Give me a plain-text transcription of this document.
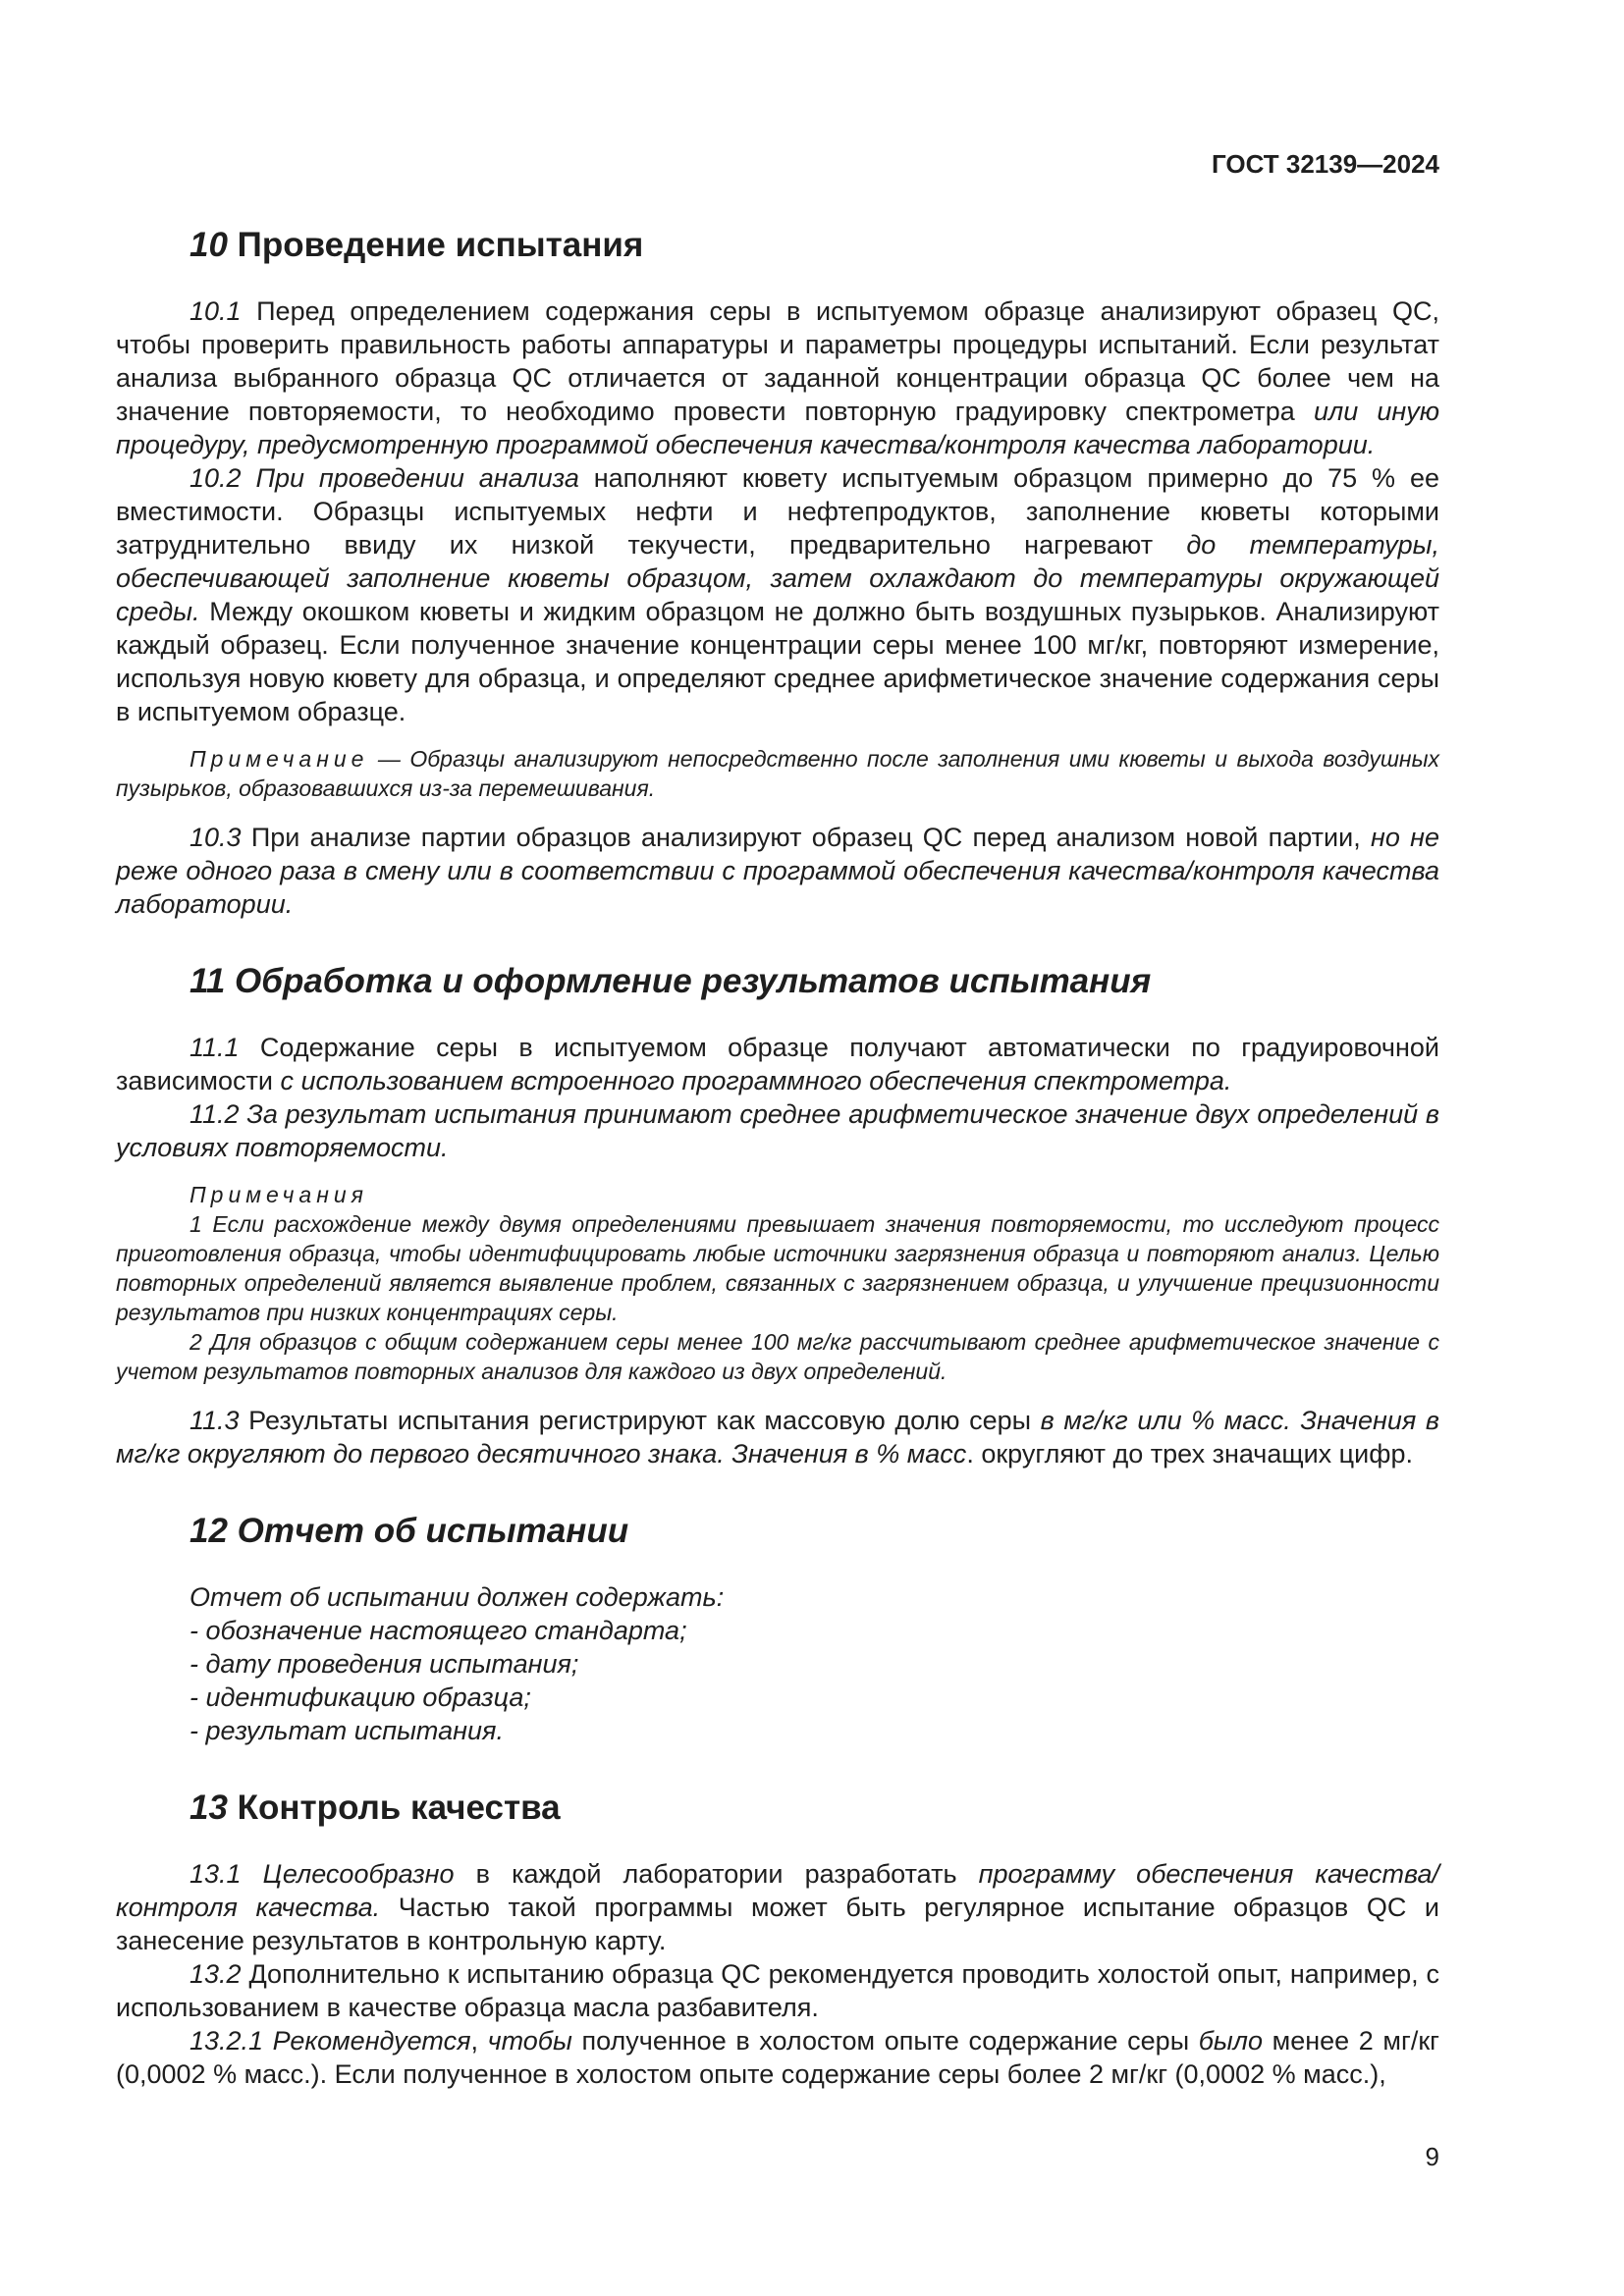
ГОСТ 32139—2024
10 Проведение испытания

10.1 Перед определением содержания серы в испытуемом образце анализируют образец QC, чтобы проверить правильность работы аппаратуры и параметры процедуры испытаний. Если результат анализа выбранного образца QC отличается от заданной концентрации образца QC более чем на значение повторяемости, то необходимо провести повторную градуировку спектрометра или иную процедуру, предусмотренную программой обеспечения качества/контроля качества лаборатории.

10.2 При проведении анализа наполняют кювету испытуемым образцом примерно до 75 % ее вместимости. Образцы испытуемых нефти и нефтепродуктов, заполнение кюветы которыми затруднительно ввиду их низкой текучести, предварительно нагревают до температуры, обеспечивающей заполнение кюветы образцом, затем охлаждают до температуры окружающей среды. Между окошком кюветы и жидким образцом не должно быть воздушных пузырьков. Анализируют каждый образец. Если полученное значение концентрации серы менее 100 мг/кг, повторяют измерение, используя новую кювету для образца, и определяют среднее арифметическое значение содержания серы в испытуемом образце.

Примечание — Образцы анализируют непосредственно после заполнения ими кюветы и выхода воздушных пузырьков, образовавшихся из-за перемешивания.

10.3 При анализе партии образцов анализируют образец QC перед анализом новой партии, но не реже одного раза в смену или в соответствии с программой обеспечения качества/контроля качества лаборатории.

11 Обработка и оформление результатов испытания

11.1 Содержание серы в испытуемом образце получают автоматически по градуировочной зависимости с использованием встроенного программного обеспечения спектрометра.

11.2 За результат испытания принимают среднее арифметическое значение двух определений в условиях повторяемости.

Примечания

1 Если расхождение между двумя определениями превышает значения повторяемости, то исследуют процесс приготовления образца, чтобы идентифицировать любые источники загрязнения образца и повторяют анализ. Целью повторных определений является выявление проблем, связанных с загрязнением образца, и улучшение прецизионности результатов при низких концентрациях серы.

2 Для образцов с общим содержанием серы менее 100 мг/кг рассчитывают среднее арифметическое значение с учетом результатов повторных анализов для каждого из двух определений.

11.3 Результаты испытания регистрируют как массовую долю серы в мг/кг или % масс. Значения в мг/кг округляют до первого десятичного знака. Значения в % масс. округляют до трех значащих цифр.

12 Отчет об испытании
Отчет об испытании должен содержать:
- обозначение настоящего стандарта;
- дату проведения испытания;
- идентификацию образца;
- результат испытания.
13 Контроль качества

13.1 Целесообразно в каждой лаборатории разработать программу обеспечения качества/контроля качества. Частью такой программы может быть регулярное испытание образцов QC и занесение результатов в контрольную карту.

13.2 Дополнительно к испытанию образца QC рекомендуется проводить холостой опыт, например, с использованием в качестве образца масла разбавителя.

13.2.1 Рекомендуется, чтобы полученное в холостом опыте содержание серы было менее 2 мг/кг (0,0002 % масс.). Если полученное в холостом опыте содержание серы более 2 мг/кг (0,0002 % масс.),

9
